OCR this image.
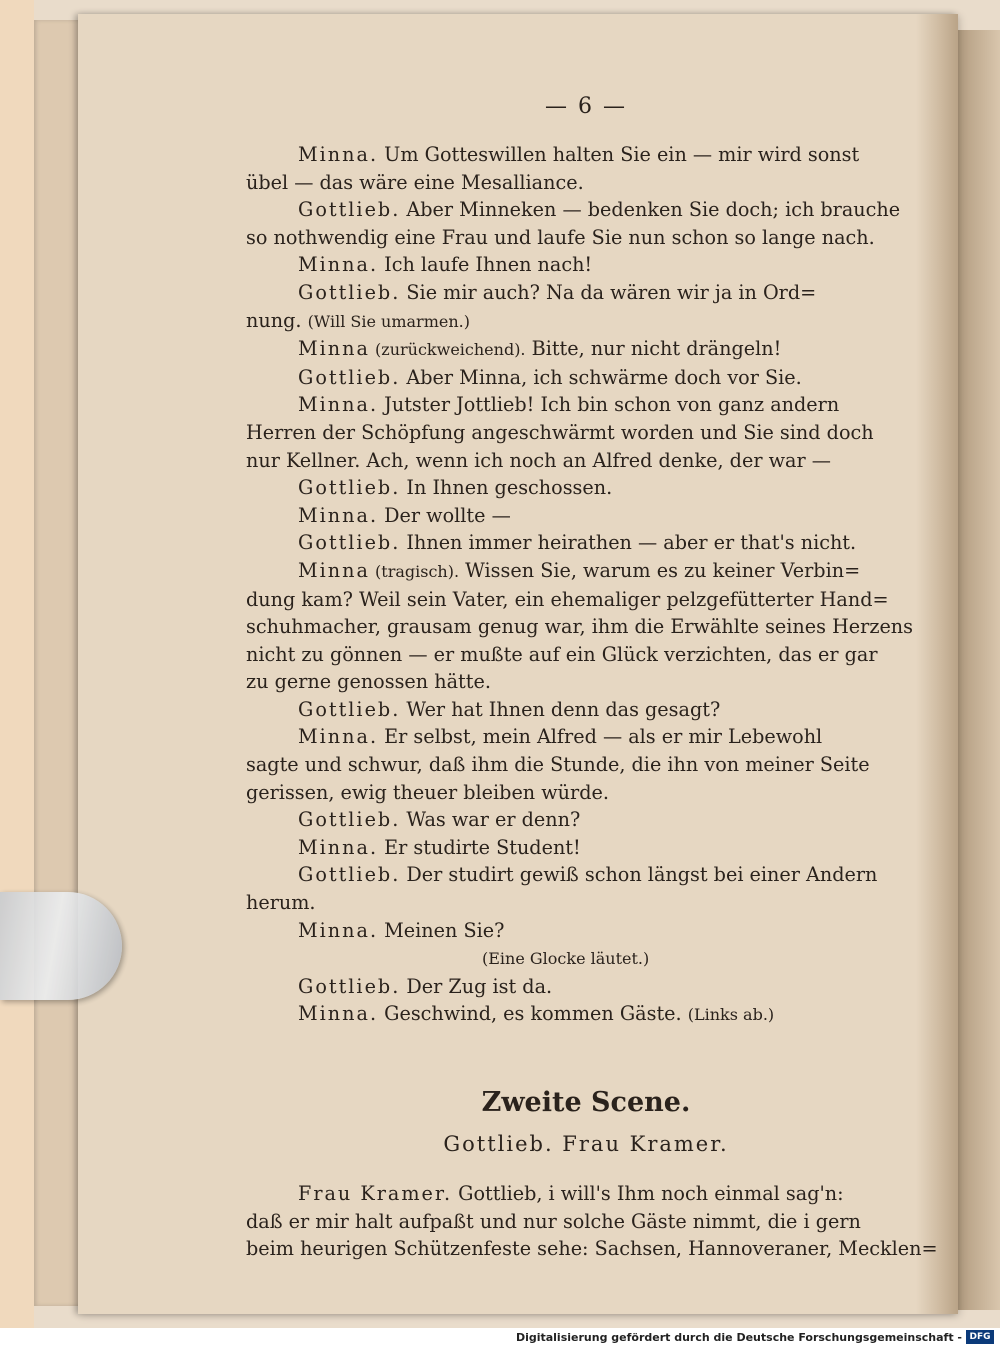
— 6 —
Minna. Um Gotteswillen halten Sie ein — mir wird sonst
übel — das wäre eine Mesalliance.
Gottlieb. Aber Minneken — bedenken Sie doch; ich brauche
so nothwendig eine Frau und laufe Sie nun schon so lange nach.
Minna. Ich laufe Ihnen nach!
Gottlieb. Sie mir auch? Na da wären wir ja in Ord=
nung. (Will Sie umarmen.)
Minna (zurückweichend). Bitte, nur nicht drängeln!
Gottlieb. Aber Minna, ich schwärme doch vor Sie.
Minna. Jutster Jottlieb! Ich bin schon von ganz andern
Herren der Schöpfung angeschwärmt worden und Sie sind doch
nur Kellner. Ach, wenn ich noch an Alfred denke, der war —
Gottlieb. In Ihnen geschossen.
Minna. Der wollte —
Gottlieb. Ihnen immer heirathen — aber er that's nicht.
Minna (tragisch). Wissen Sie, warum es zu keiner Verbin=
dung kam? Weil sein Vater, ein ehemaliger pelzgefütterter Hand=
schuhmacher, grausam genug war, ihm die Erwählte seines Herzens
nicht zu gönnen — er mußte auf ein Glück verzichten, das er gar
zu gerne genossen hätte.
Gottlieb. Wer hat Ihnen denn das gesagt?
Minna. Er selbst, mein Alfred — als er mir Lebewohl
sagte und schwur, daß ihm die Stunde, die ihn von meiner Seite
gerissen, ewig theuer bleiben würde.
Gottlieb. Was war er denn?
Minna. Er studirte Student!
Gottlieb. Der studirt gewiß schon längst bei einer Andern
herum.
Minna. Meinen Sie?
(Eine Glocke läutet.)
Gottlieb. Der Zug ist da.
Minna. Geschwind, es kommen Gäste. (Links ab.)
Zweite Scene.
Gottlieb. Frau Kramer.
Frau Kramer. Gottlieb, i will's Ihm noch einmal sag'n:
daß er mir halt aufpaßt und nur solche Gäste nimmt, die i gern
beim heurigen Schützenfeste sehe: Sachsen, Hannoveraner, Mecklen=
Digitalisierung gefördert durch die Deutsche Forschungsgemeinschaft - DFG
